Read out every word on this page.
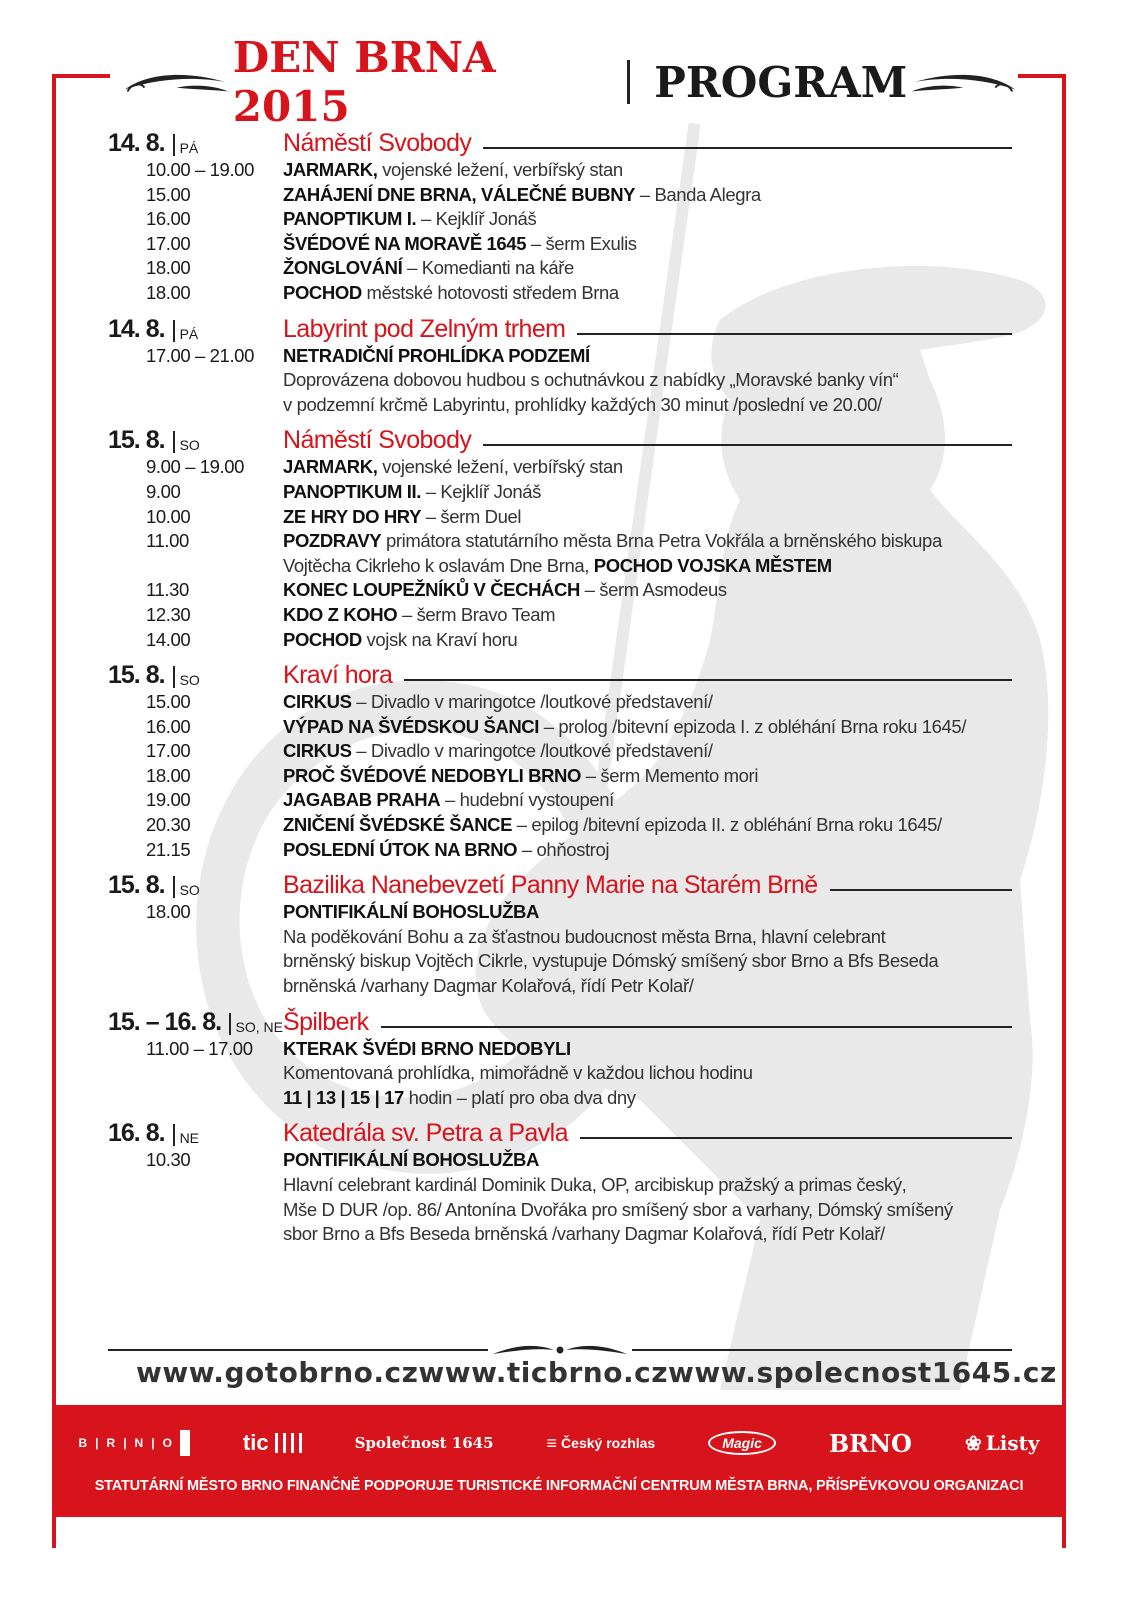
DEN BRNA 2015	PROGRAM
14. 8. PÁ	Náměstí Svobody
10.00 – 19.00	JARMARK, vojenské ležení, verbířský stan
15.00	ZAHÁJENÍ DNE BRNA, VÁLEČNÉ BUBNY – Banda Alegra
16.00	PANOPTIKUM I. – Kejklíř Jonáš
17.00	ŠVÉDOVÉ NA MORAVĚ 1645 – šerm Exulis
18.00	ŽONGLOVÁNÍ – Komedianti na káře
18.00	POCHOD městské hotovosti středem Brna
14. 8. PÁ	Labyrint pod Zelným trhem
17.00 – 21.00	NETRADIČNÍ PROHLÍDKA PODZEMÍ
Doprovázena dobovou hudbou s ochutnávkou z nabídky „Moravské banky vín“
v podzemní krčmě Labyrintu, prohlídky každých 30 minut /poslední ve 20.00/
15. 8. SO	Náměstí Svobody
9.00 – 19.00	JARMARK, vojenské ležení, verbířský stan
9.00	PANOPTIKUM II. – Kejklíř Jonáš
10.00	ZE HRY DO HRY – šerm Duel
11.00	POZDRAVY primátora statutárního města Brna Petra Vokřála a brněnského biskupa
Vojtěcha Cikrleho k oslavám Dne Brna, POCHOD VOJSKA MĚSTEM
11.30	KONEC LOUPEŽNÍKŮ V ČECHÁCH – šerm Asmodeus
12.30	KDO Z KOHO – šerm Bravo Team
14.00	POCHOD vojsk na Kraví horu
15. 8. SO	Kraví hora
15.00	CIRKUS – Divadlo v maringotce /loutkové představení/
16.00	VÝPAD NA ŠVÉDSKOU ŠANCI – prolog /bitevní epizoda I. z obléhání Brna roku 1645/
17.00	CIRKUS – Divadlo v maringotce /loutkové představení/
18.00	PROČ ŠVÉDOVÉ NEDOBYLI BRNO – šerm Memento mori
19.00	JAGABAB PRAHA – hudební vystoupení
20.30	ZNIČENÍ ŠVÉDSKÉ ŠANCE – epilog /bitevní epizoda II. z obléhání Brna roku 1645/
21.15	POSLEDNÍ ÚTOK NA BRNO – ohňostroj
15. 8. SO	Bazilika Nanebevzetí Panny Marie na Starém Brně
18.00	PONTIFIKÁLNÍ BOHOSLUŽBA
Na poděkování Bohu a za šťastnou budoucnost města Brna, hlavní celebrant
brněnský biskup Vojtěch Cikrle, vystupuje Dómský smíšený sbor Brno a Bfs Beseda
brněnská /varhany Dagmar Kolařová, řídí Petr Kolař/
15. – 16. 8. SO, NE Špilberk
11.00 – 17.00	KTERAK ŠVÉDI BRNO NEDOBYLI
Komentovaná prohlídka, mimořádně v každou lichou hodinu
11 | 13 | 15 | 17 hodin – platí pro oba dva dny
16. 8. NE	Katedrála sv. Petra a Pavla
10.30	PONTIFIKÁLNÍ BOHOSLUŽBA
Hlavní celebrant kardinál Dominik Duka, OP, arcibiskup pražský a primas český,
Mše D DUR /op. 86/ Antonína Dvořáka pro smíšený sbor a varhany, Dómský smíšený
sbor Brno a Bfs Beseda brněnská /varhany Dagmar Kolařová, řídí Petr Kolař/
www.gotobrno.cz www.ticbrno.cz www.spolecnost1645.cz
B | R | N | O	tic	Společnost 1645	≡ Český rozhlas	Magic	BRNO	❀ Listy
STATUTÁRNÍ MĚSTO BRNO FINANČNĚ PODPORUJE TURISTICKÉ INFORMAČNÍ CENTRUM MĚSTA BRNA, PŘÍSPĚVKOVOU ORGANIZACI
